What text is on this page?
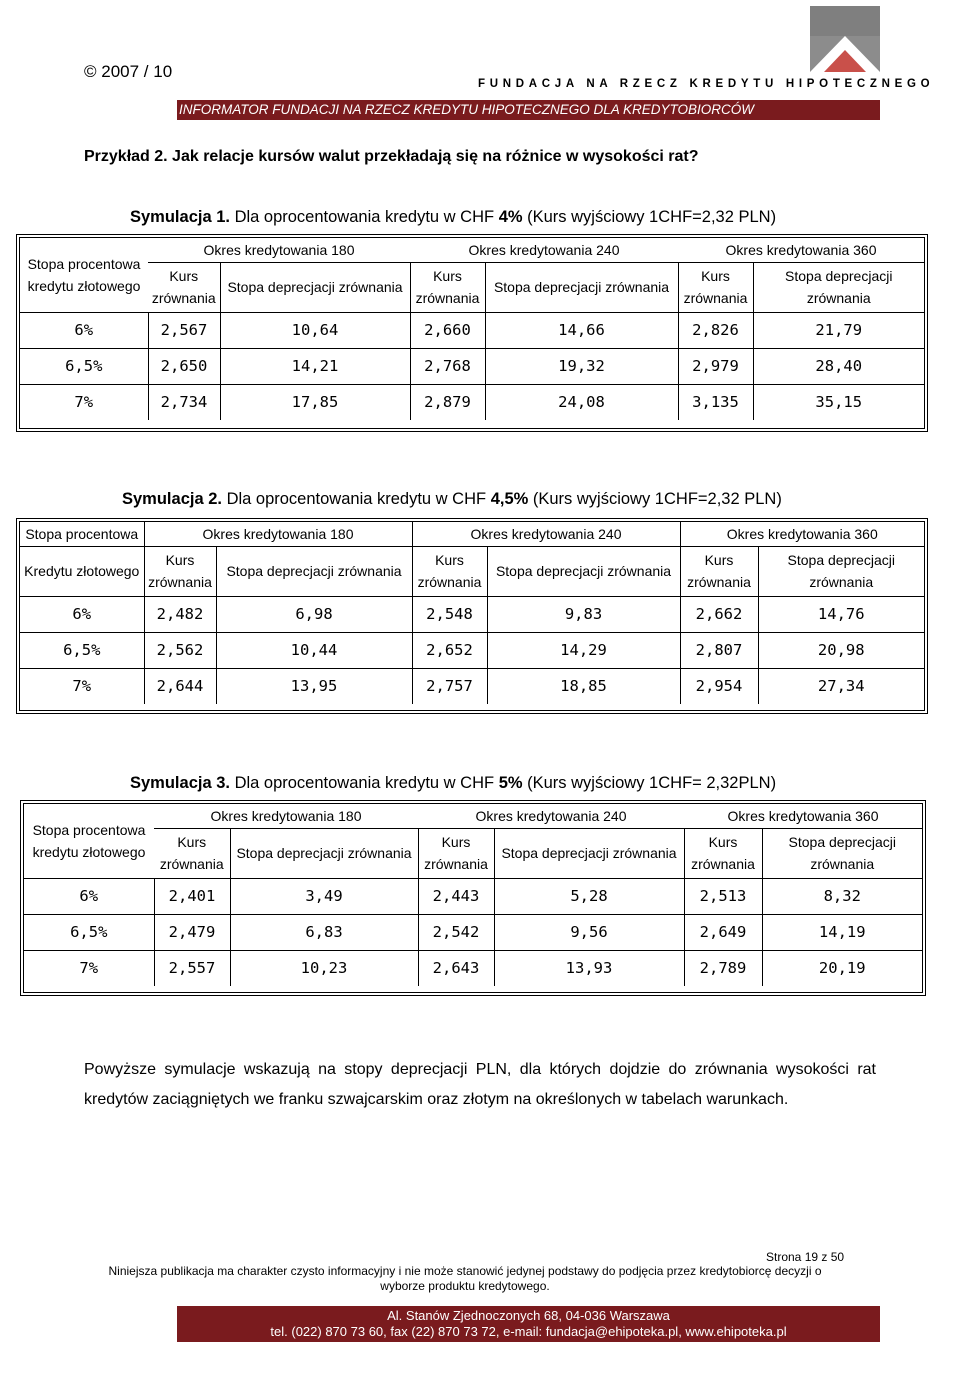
© 2007 / 10
FUNDACJA NA RZECZ KREDYTU HIPOTECZNEGO
INFORMATOR FUNDACJI NA RZECZ KREDYTU HIPOTECZNEGO DLA KREDYTOBIORCÓW
Przykład 2. Jak relacje kursów walut przekładają się na różnice w wysokości rat?
Symulacja 1. Dla oprocentowania kredytu w CHF 4% (Kurs wyjściowy 1CHF=2,32 PLN)
Stopa procentowa kredytu złotowego	Okres kredytowania 180		Okres kredytowania 240		Okres kredytowania 360	
	Kurs zrównania	Stopa deprecjacji zrównania	Kurs zrównania	Stopa deprecjacji zrównania	Kurs zrównania	Stopa deprecjacji zrównania
6%	2,567	10,64	2,660	14,66	2,826	21,79
6,5%	2,650	14,21	2,768	19,32	2,979	28,40
7%	2,734	17,85	2,879	24,08	3,135	35,15
Symulacja 2. Dla oprocentowania kredytu w CHF 4,5% (Kurs wyjściowy 1CHF=2,32 PLN)
Stopa procentowa	Okres kredytowania 180		Okres kredytowania 240		Okres kredytowania 360	
Kredytu złotowego	Kurs zrównania	Stopa deprecjacji zrównania	Kurs zrównania	Stopa deprecjacji zrównania	Kurs zrównania	Stopa deprecjacji zrównania
6%	2,482	6,98	2,548	9,83	2,662	14,76
6,5%	2,562	10,44	2,652	14,29	2,807	20,98
7%	2,644	13,95	2,757	18,85	2,954	27,34
Symulacja 3. Dla oprocentowania kredytu w CHF 5% (Kurs wyjściowy 1CHF= 2,32PLN)
Stopa procentowa kredytu złotowego	Okres kredytowania 180		Okres kredytowania 240		Okres kredytowania 360	
	Kurs zrównania	Stopa deprecjacji zrównania	Kurs zrównania	Stopa deprecjacji zrównania	Kurs zrównania	Stopa deprecjacji zrównania
6%	2,401	3,49	2,443	5,28	2,513	8,32
6,5%	2,479	6,83	2,542	9,56	2,649	14,19
7%	2,557	10,23	2,643	13,93	2,789	20,19
Powyższe symulacje wskazują na stopy deprecjacji PLN, dla których dojdzie do zrównania wysokości rat kredytów zaciągniętych we franku szwajcarskim oraz złotym na określonych w tabelach warunkach.
Strona 19 z 50
Niniejsza publikacja ma charakter czysto informacyjny i nie może stanowić jedynej podstawy do podjęcia przez kredytobiorcę decyzji o wyborze produktu kredytowego.
Al. Stanów Zjednoczonych 68, 04-036 Warszawa
tel. (022) 870 73 60, fax (22) 870 73 72, e-mail: fundacja@ehipoteka.pl, www.ehipoteka.pl
